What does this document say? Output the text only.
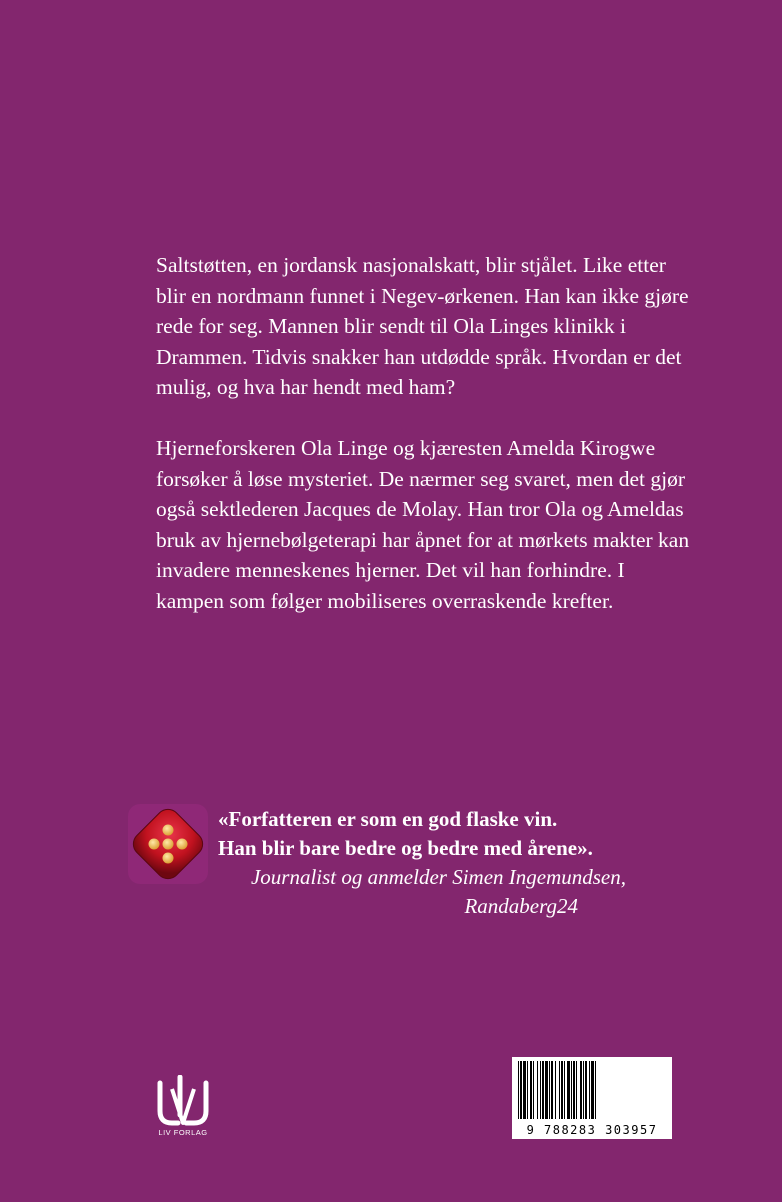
Saltstøtten, en jordansk nasjonalskatt, blir stjålet. Like etter blir en nordmann funnet i Negev-ørkenen. Han kan ikke gjøre rede for seg. Mannen blir sendt til Ola Linges klinikk i Drammen. Tidvis snakker han utdødde språk. Hvordan er det mulig, og hva har hendt med ham?

Hjerneforskeren Ola Linge og kjæresten Amelda Kirogwe forsøker å løse mysteriet. De nærmer seg svaret, men det gjør også sektlederen Jacques de Molay. Han tror Ola og Ameldas bruk av hjernebølgeterapi har åpnet for at mørkets makter kan invadere menneskenes hjerner. Det vil han forhindre. I kampen som følger mobiliseres overraskende krefter.

«Forfatteren er som en god flaske vin.
Han blir bare bedre og bedre med årene».
Journalist og anmelder Simen Ingemundsen,
Randaberg24
LIV FORLAG	9 788283 303957
